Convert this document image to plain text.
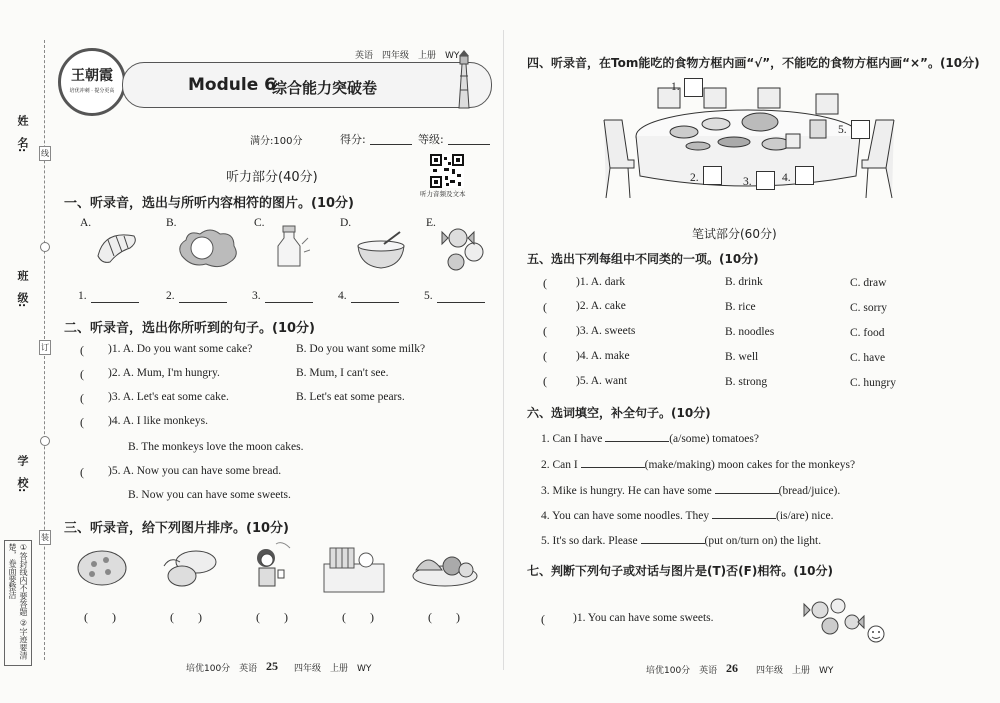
姓　名:
班　级:
学　校:
线
订
装
①答封线内不要答题 ②字迹要清楚，卷面要整洁
王朝霞
培优冲刺 · 提分更高
英语　四年级　上册　WY
Module 6
综合能力突破卷
满分:100分	得分:	等级:
听力音频及文本
听力部分(40分)
一、听录音，选出与所听内容相符的图片。(10分)
A.	B.	C.	D.	E.
1.	2.	3.	4.	5.
二、听录音，选出你所听到的句子。(10分)
( )1. A. Do you want some cake?	B. Do you want some milk?
( )2. A. Mum, I'm hungry.	B. Mum, I can't see.
( )3. A. Let's eat some cake.	B. Let's eat some pears.
( )4. A. I like monkeys.
B. The monkeys love the moon cakes.
( )5. A. Now you can have some bread.
B. Now you can have some sweets.
三、听录音，给下列图片排序。(10分)
(　　)	(　　)	(　　)	(　　)	(　　)
培优100分　英语 25 四年级　上册　WY
四、听录音，在Tom能吃的食物方框内画“√”，不能吃的食物方框内画“×”。(10分)
1.
2.	3.	4.
5.
笔试部分(60分)
五、选出下列每组中不同类的一项。(10分)
(	)1. A. dark	B. drink	C. draw
(	)2. A. cake	B. rice	C. sorry
(	)3. A. sweets	B. noodles	C. food
(	)4. A. make	B. well	C. have
(	)5. A. want	B. strong	C. hungry
六、选词填空，补全句子。(10分)
1. Can I have	(a/some) tomatoes?
2. Can I	(make/making) moon cakes for the monkeys?
3. Mike is hungry. He can have some	(bread/juice).
4. You can have some noodles. They	(is/are) nice.
5. It's so dark. Please	(put on/turn on) the light.
七、判断下列句子或对话与图片是(T)否(F)相符。(10分)
( )1. You can have some sweets.
培优100分　英语 26 四年级　上册　WY
